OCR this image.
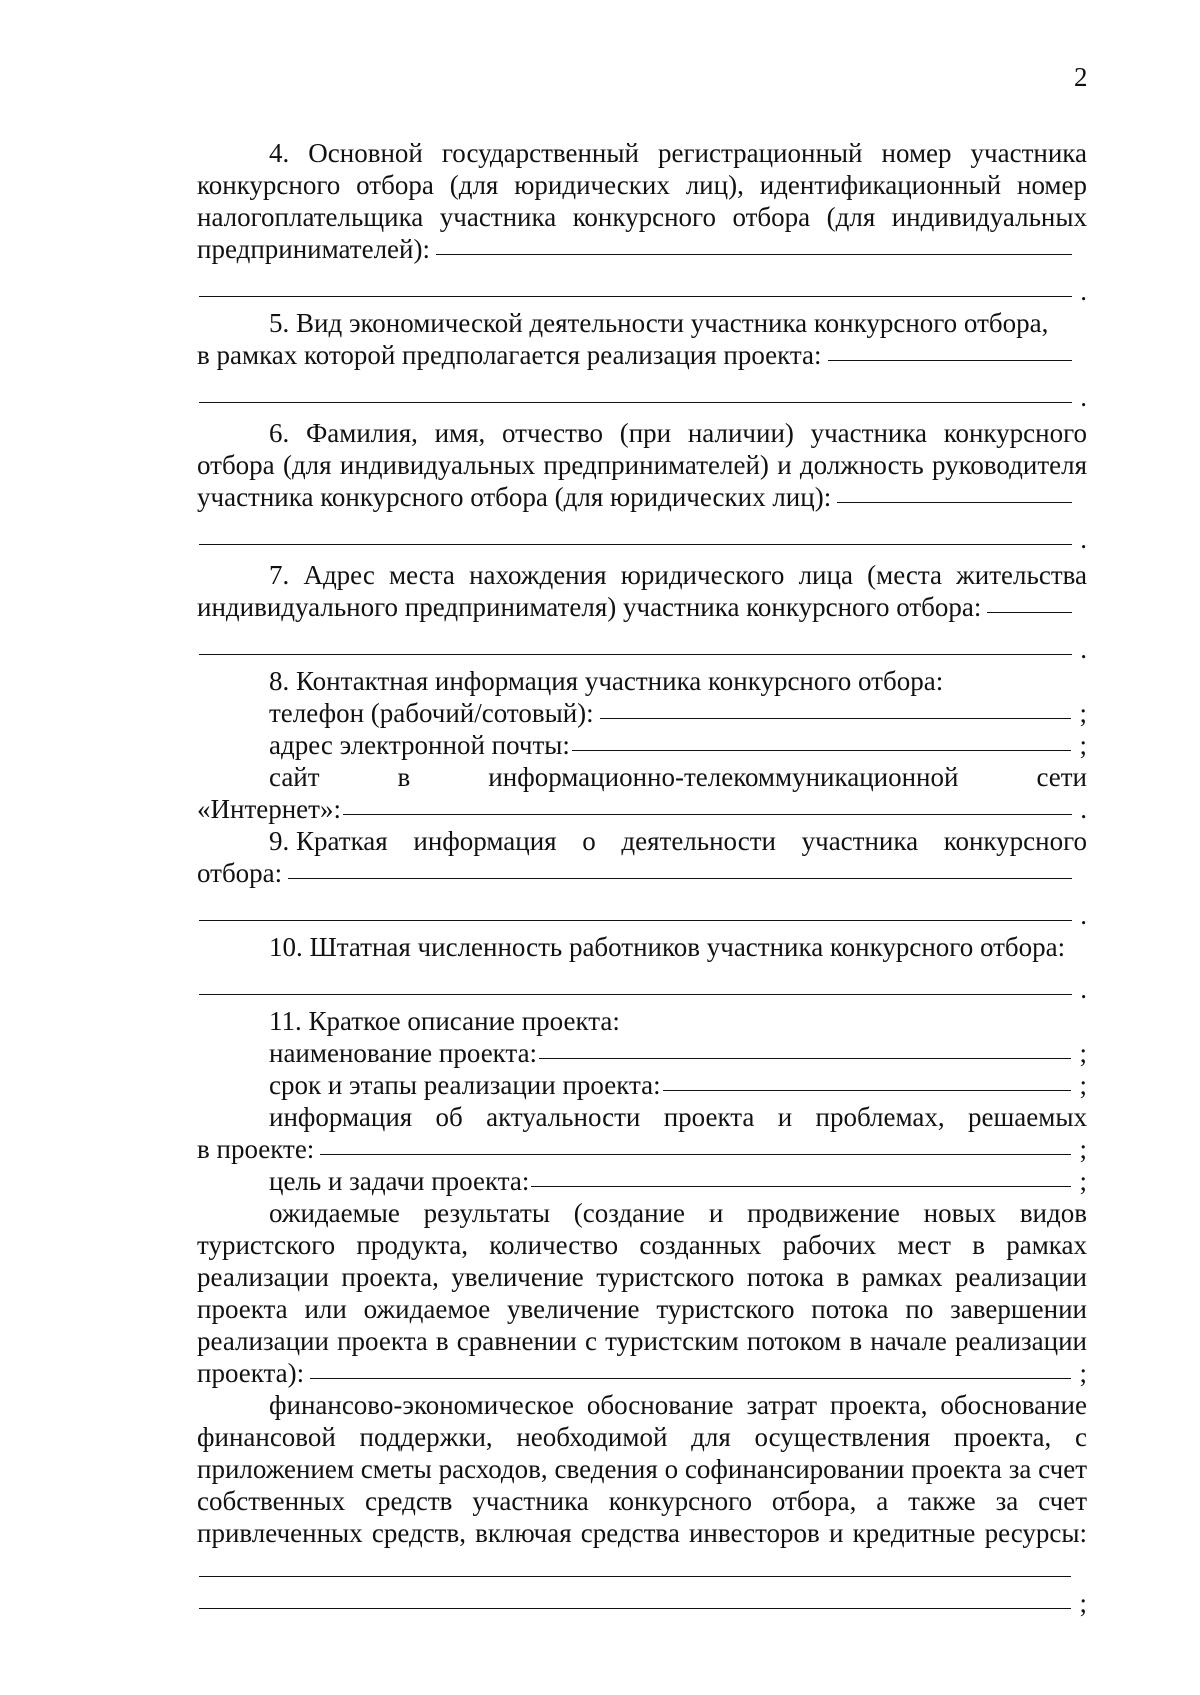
2

4. Основной государственный регистрационный номер участника конкурсного отбора (для юридических лиц), идентификационный номер налогоплательщика участника конкурсного отбора (для индивидуальных

предпринимателей):
.

5. Вид экономической деятельности участника конкурсного отбора,

в рамках которой предполагается реализация проекта:
.

6. Фамилия, имя, отчество (при наличии) участника конкурсного отбора (для индивидуальных предпринимателей) и должность руководителя

участника конкурсного отбора (для юридических лиц):
.

7. Адрес места нахождения юридического лица (места жительства

индивидуального предпринимателя) участника конкурсного отбора:
.
8. Контактная информация участника конкурсного отбора:
телефон (рабочий/сотовый):	;
адрес электронной почты:	;
сайт	в	информационно-телекоммуникационной	сети
«Интернет»:	.
9. Краткая информация о деятельности участника конкурсного
отбора:
.
10. Штатная численность работников участника конкурсного отбора:
.
11. Краткое описание проекта:
наименование проекта:	;
срок и этапы реализации проекта:	;

информация об актуальности проекта и проблемах, решаемых

в проекте:	;
цель и задачи проекта:	;

ожидаемые результаты (создание и продвижение новых видов туристского продукта, количество созданных рабочих мест в рамках реализации проекта, увеличение туристского потока в рамках реализации проекта или ожидаемое увеличение туристского потока по завершении реализации проекта в сравнении с туристским потоком в начале реализации

проекта):	;

финансово-экономическое обоснование затрат проекта, обоснование финансовой поддержки, необходимой для осуществления проекта, с приложением сметы расходов, сведения о софинансировании проекта за счет собственных средств участника конкурсного отбора, а также за счет привлеченных средств, включая средства инвесторов и кредитные ресурсы:

;
